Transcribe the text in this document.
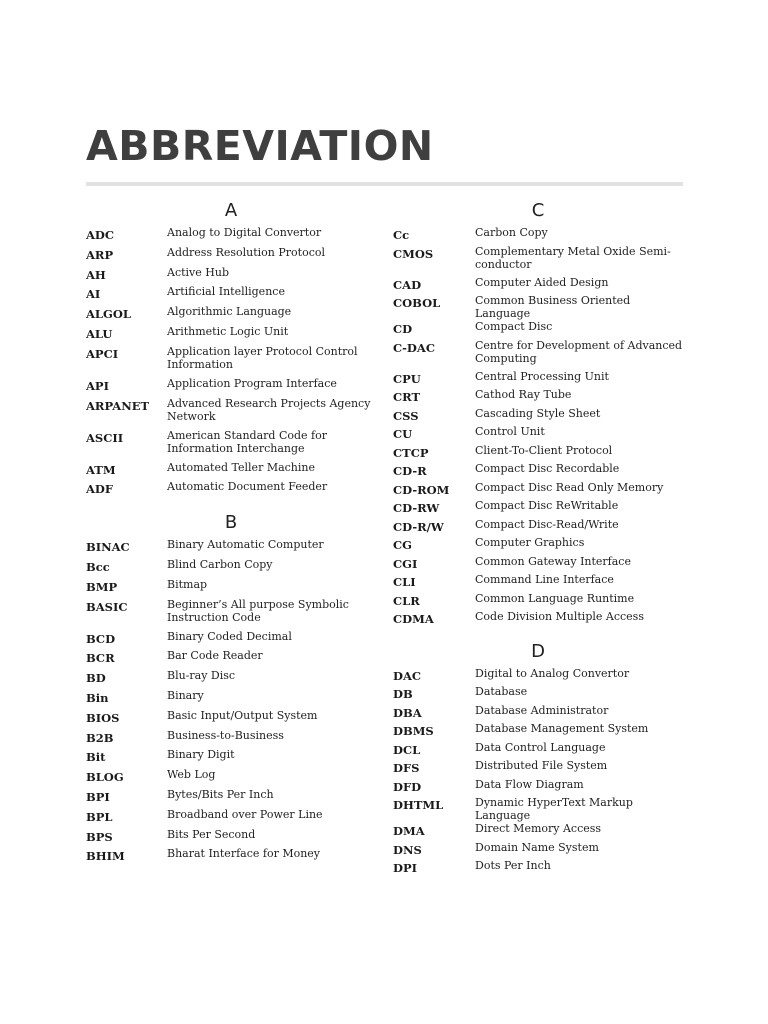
ABBREVIATION
A
ADC	Analog to Digital Convertor
ARP	Address Resolution Protocol
AH	Active Hub
AI	Artificial Intelligence
ALGOL	Algorithmic Language
ALU	Arithmetic Logic Unit
APCI	Application layer Protocol Control Information
API	Application Program Interface
ARPANET	Advanced Research Projects Agency Network
ASCII	American Standard Code for Information Interchange
ATM	Automated Teller Machine
ADF	Automatic Document Feeder
B
BINAC	Binary Automatic Computer
Bcc	Blind Carbon Copy
BMP	Bitmap
BASIC	Beginner’s All purpose Symbolic Instruction Code
BCD	Binary Coded Decimal
BCR	Bar Code Reader
BD	Blu-ray Disc
Bin	Binary
BIOS	Basic Input/Output System
B2B	Business-to-Business
Bit	Binary Digit
BLOG	Web Log
BPI	Bytes/Bits Per Inch
BPL	Broadband over Power Line
BPS	Bits Per Second
BHIM	Bharat Interface for Money
C
Cc	Carbon Copy
CMOS	Complementary Metal Oxide Semi-conductor
CAD	Computer Aided Design
COBOL	Common Business Oriented Language
CD	Compact Disc
C-DAC	Centre for Development of Advanced Computing
CPU	Central Processing Unit
CRT	Cathod Ray Tube
CSS	Cascading Style Sheet
CU	Control Unit
CTCP	Client-To-Client Protocol
CD-R	Compact Disc Recordable
CD-ROM	Compact Disc Read Only Memory
CD-RW	Compact Disc ReWritable
CD-R/W	Compact Disc-Read/Write
CG	Computer Graphics
CGI	Common Gateway Interface
CLI	Command Line Interface
CLR	Common Language Runtime
CDMA	Code Division Multiple Access
D
DAC	Digital to Analog Convertor
DB	Database
DBA	Database Administrator
DBMS	Database Management System
DCL	Data Control Language
DFS	Distributed File System
DFD	Data Flow Diagram
DHTML	Dynamic HyperText Markup Language
DMA	Direct Memory Access
DNS	Domain Name System
DPI	Dots Per Inch
